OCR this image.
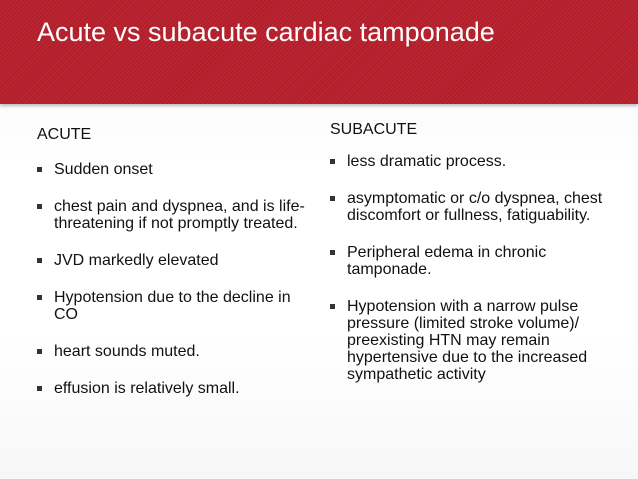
Acute vs subacute cardiac tamponade
ACUTE
Sudden onset
chest pain and dyspnea, and is life-threatening if not promptly treated.
JVD markedly elevated
Hypotension due to the decline in CO
heart sounds muted.
effusion is relatively small.
SUBACUTE
less dramatic process.
asymptomatic or c/o dyspnea, chest discomfort or fullness, fatiguability.
Peripheral edema in chronic tamponade.
Hypotension with a narrow pulse pressure (limited stroke volume)/ preexisting HTN may remain hypertensive due to the increased sympathetic activity
